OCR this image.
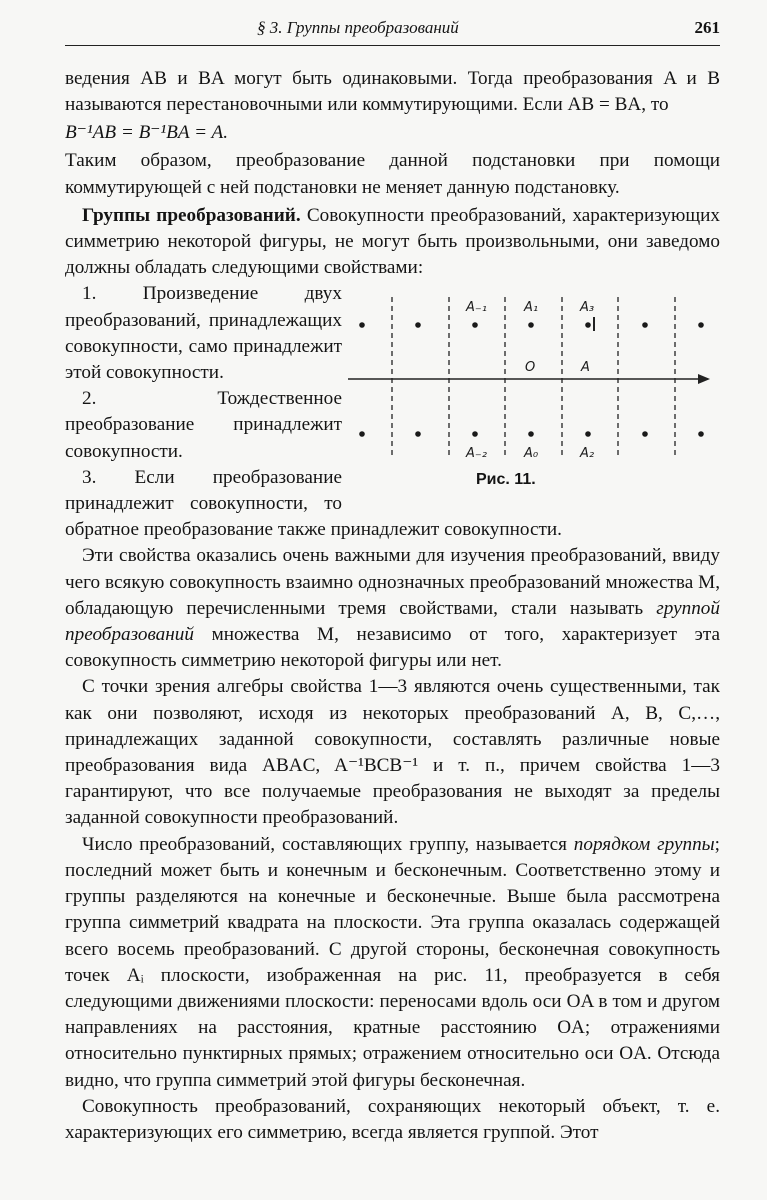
§ 3. Группы преобразований	261

ведения AB и BA могут быть одинаковыми. Тогда преобразования A и B называются перестановочными или коммутирующими. Если AB = BA, то

B⁻¹AB = B⁻¹BA = A.

Таким образом, преобразование данной подстановки при помощи коммутирующей с ней подстановки не меняет данную подстановку.

Группы преобразований. Совокупности преобразований, характеризующих симметрию некоторой фигуры, не могут быть произвольными, они заведомо должны обладать следующими свойствами:

A₋₁	A₁	A₃
O	A
A₋₂	A₀	A₂
Рис. 11.

1. Произведение двух преобразований, принадлежащих совокупности, само принадлежит этой совокупности.

2. Тождественное преобразование принадлежит совокупности.

3. Если преобразование принадлежит совокупности, то обратное преобразование также принадлежит совокупности.

Эти свойства оказались очень важными для изучения преобразований, ввиду чего всякую совокупность взаимно однозначных преобразований множества M, обладающую перечисленными тремя свойствами, стали называть группой преобразований множества M, независимо от того, характеризует эта совокупность симметрию некоторой фигуры или нет.

С точки зрения алгебры свойства 1—3 являются очень существенными, так как они позволяют, исходя из некоторых преобразований A, B, C,…, принадлежащих заданной совокупности, составлять различные новые преобразования вида ABAC, A⁻¹BCB⁻¹ и т. п., причем свойства 1—3 гарантируют, что все получаемые преобразования не выходят за пределы заданной совокупности преобразований.

Число преобразований, составляющих группу, называется порядком группы; последний может быть и конечным и бесконечным. Соответственно этому и группы разделяются на конечные и бесконечные. Выше была рассмотрена группа симметрий квадрата на плоскости. Эта группа оказалась содержащей всего восемь преобразований. С другой стороны, бесконечная совокупность точек Aᵢ плоскости, изображенная на рис. 11, преобразуется в себя следующими движениями плоскости: переносами вдоль оси OA в том и другом направлениях на расстояния, кратные расстоянию OA; отражениями относительно пунктирных прямых; отражением относительно оси OA. Отсюда видно, что группа симметрий этой фигуры бесконечная.

Совокупность преобразований, сохраняющих некоторый объект, т. е. характеризующих его симметрию, всегда является группой. Этот
